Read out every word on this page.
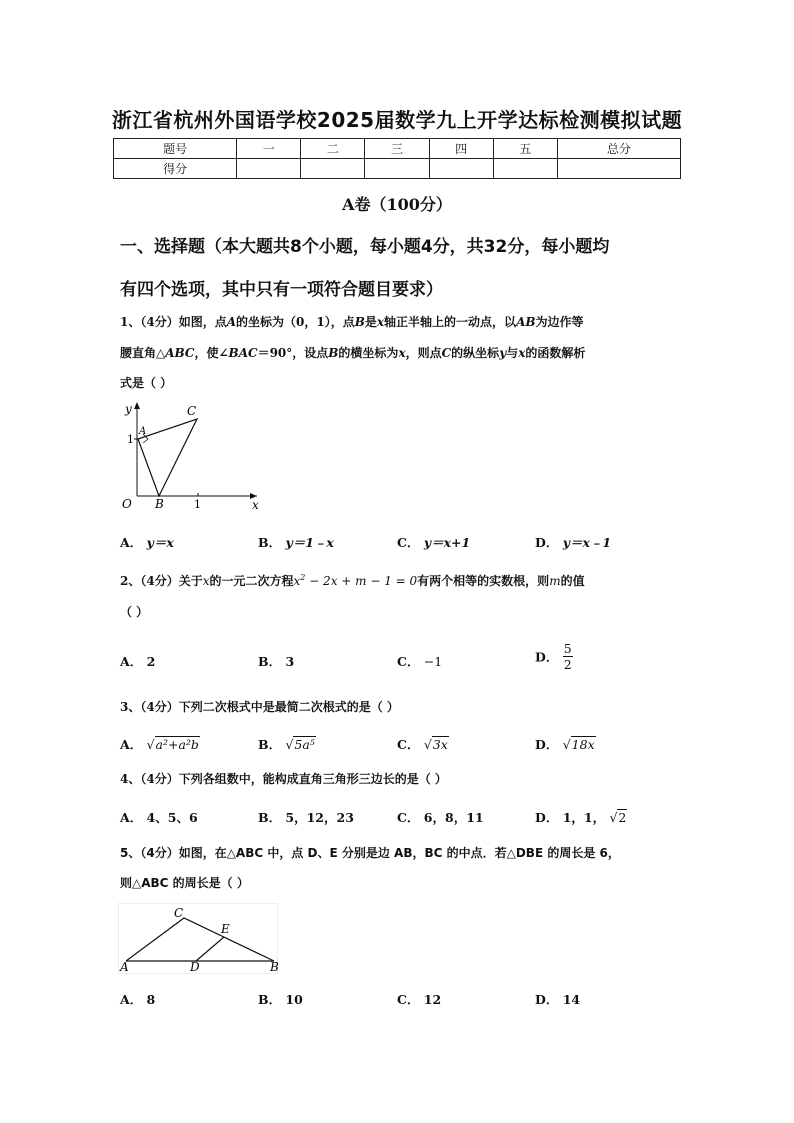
浙江省杭州外国语学校2025届数学九上开学达标检测模拟试题
题号	一	二	三	四	五	总分
得分						
A卷（100分）
一、选择题（本大题共8个小题，每小题4分，共32分，每小题均
有四个选项，其中只有一项符合题目要求）
1、（4分）如图，点A的坐标为（0，1），点B是x轴正半轴上的一动点，以AB为边作等
腰直角△ABC，使∠BAC＝90°，设点B的横坐标为x，则点C的纵坐标y与x的函数解析
式是（ ）
y
x
A
B
C
O
1
1
A． y＝x	B． y＝1﹣x	C． y＝x+1	D． y＝x﹣1
2、（4分）关于x的一元二次方程$x^2 - 2x + m - 1 = 0$有两个相等的实数根，则m的值
（ ）
A． 2	B． 3	C． −1	D． $\frac{5}{2}$
3、（4分）下列二次根式中是最简二次根式的是（ ）
A． √a²+a²b	B． √5a⁵	C． √3x	D． √18x
4、（4分）下列各组数中，能构成直角三角形三边长的是（ ）
A． 4、5、6	B． 5，12，23	C． 6，8，11	D． 1，1， √2
5、（4分）如图，在△ABC 中，点 D、E 分别是边 AB，BC 的中点．若△DBE 的周长是 6，
则△ABC 的周长是（ ）
A	B
C
D
E
A． 8	B． 10	C． 12	D． 14
